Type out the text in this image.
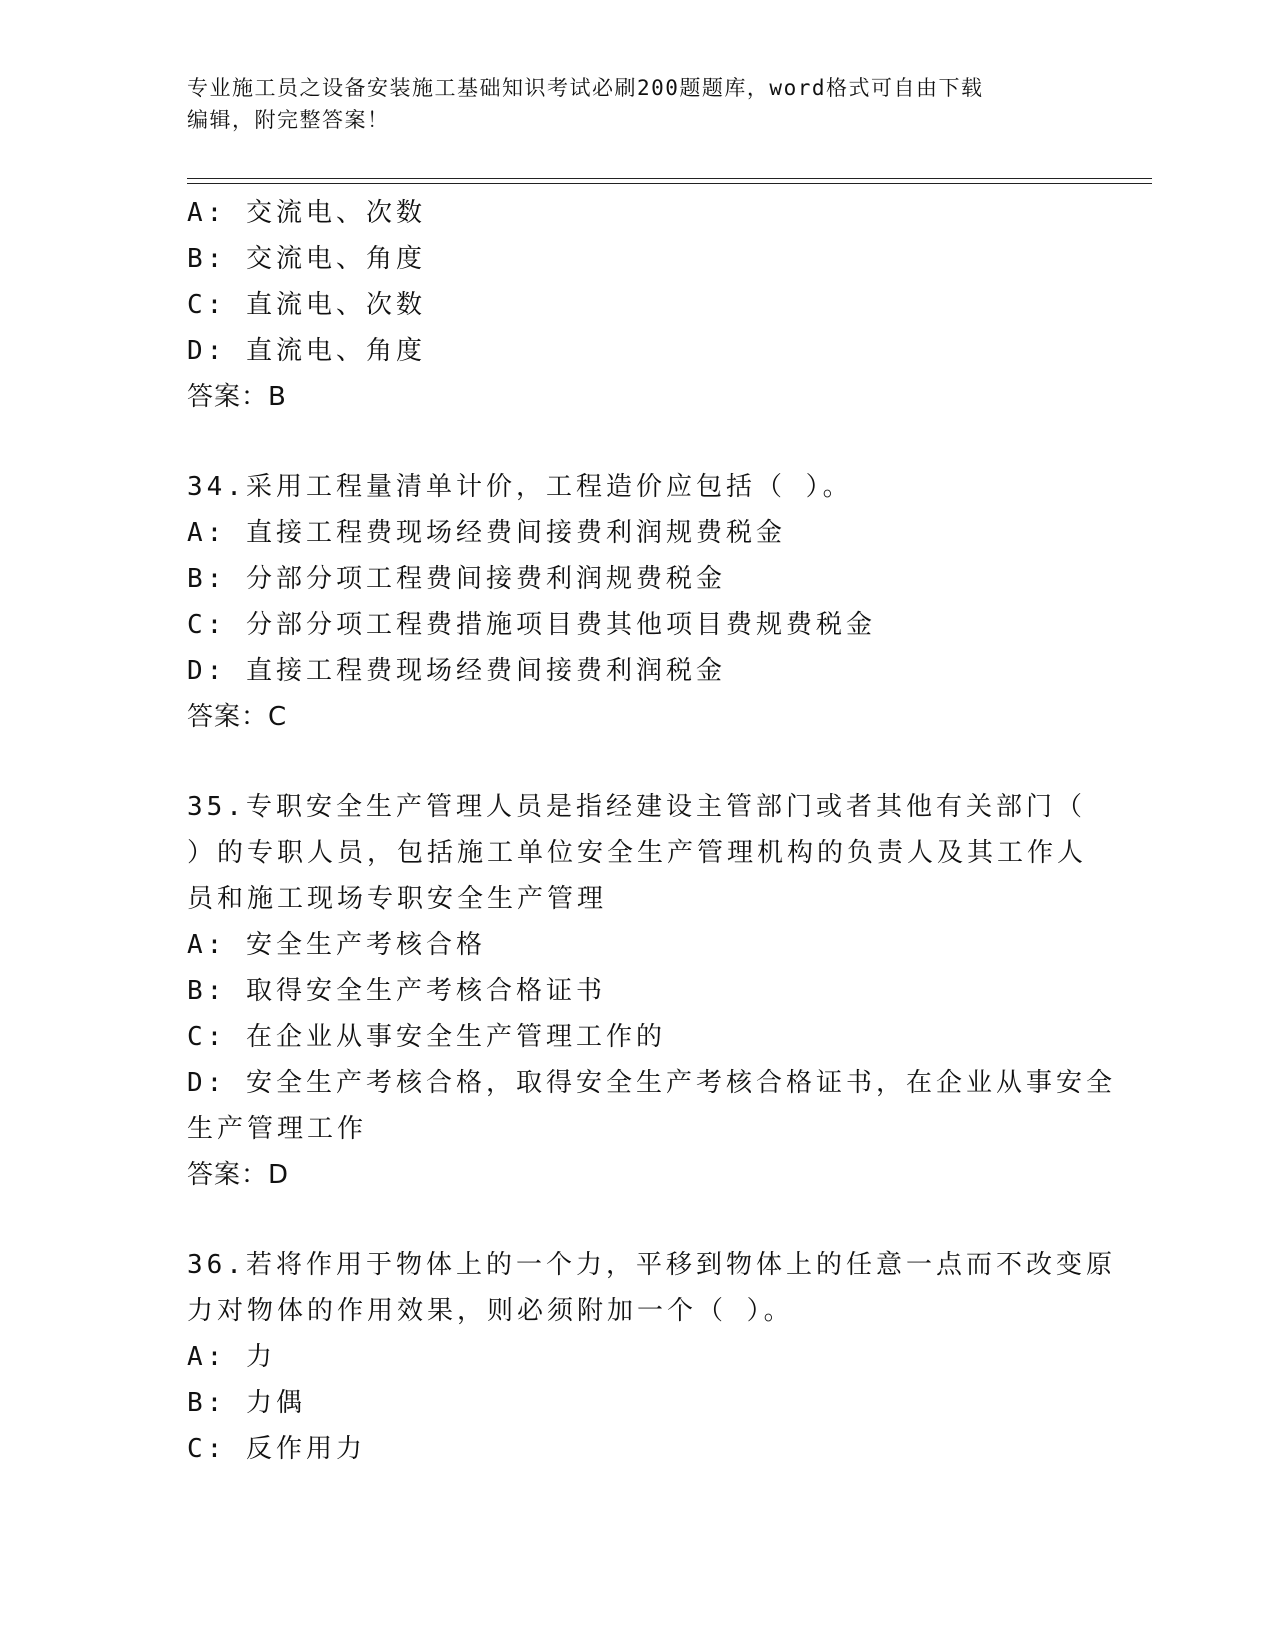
专业施工员之设备安装施工基础知识考试必刷200题题库，word格式可自由下载
编辑，附完整答案！
A: 交流电、次数
B: 交流电、角度
C: 直流电、次数
D: 直流电、角度
答案：B
34.采用工程量清单计价，工程造价应包括（ ）。
A: 直接工程费现场经费间接费利润规费税金
B: 分部分项工程费间接费利润规费税金
C: 分部分项工程费措施项目费其他项目费规费税金
D: 直接工程费现场经费间接费利润税金
答案：C
35.专职安全生产管理人员是指经建设主管部门或者其他有关部门（
）的专职人员，包括施工单位安全生产管理机构的负责人及其工作人
员和施工现场专职安全生产管理
A: 安全生产考核合格
B: 取得安全生产考核合格证书
C: 在企业从事安全生产管理工作的
D: 安全生产考核合格，取得安全生产考核合格证书，在企业从事安全
生产管理工作
答案：D
36.若将作用于物体上的一个力，平移到物体上的任意一点而不改变原
力对物体的作用效果，则必须附加一个（ ）。
A: 力
B: 力偶
C: 反作用力
